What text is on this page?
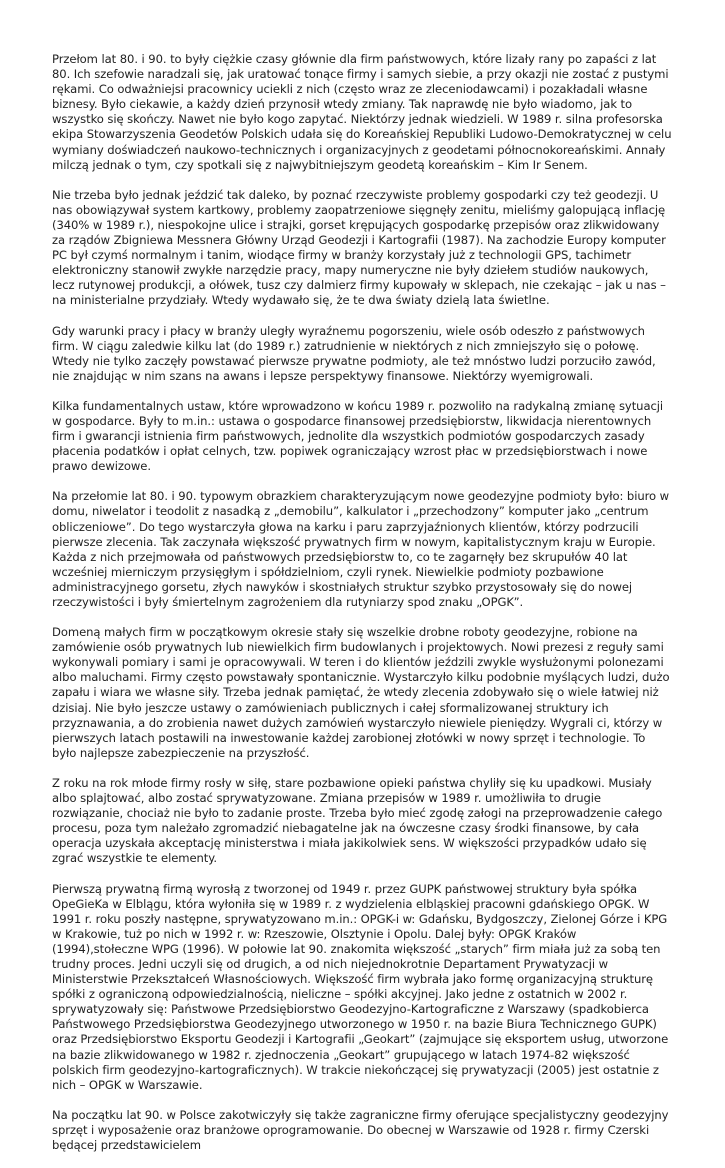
Przełom lat 80. i 90. to były ciężkie czasy głównie dla firm państwowych, które lizały rany po zapaści z lat 80. Ich szefowie naradzali się, jak uratować tonące firmy i samych siebie, a przy okazji nie zostać z pustymi rękami. Co odważniejsi pracownicy uciekli z nich (często wraz ze zleceniodawcami) i pozakładali własne biznesy. Było ciekawie, a każdy dzień przynosił wtedy zmiany. Tak naprawdę nie było wiadomo, jak to wszystko się skończy. Nawet nie było kogo zapytać. Niektórzy jednak wiedzieli. W 1989 r. silna profesorska ekipa Stowarzyszenia Geodetów Polskich udała się do Koreańskiej Republiki Ludowo-Demokratycznej w celu wymiany doświadczeń naukowo-technicznych i organizacyjnych z geodetami północnokoreańskimi. Annały milczą jednak o tym, czy spotkali się z najwybitniejszym geodetą koreańskim – Kim Ir Senem.

Nie trzeba było jednak jeździć tak daleko, by poznać rzeczywiste problemy gospodarki czy też geodezji. U nas obowiązywał system kartkowy, problemy zaopatrzeniowe sięgnęły zenitu, mieliśmy galopującą inflację (340% w 1989 r.), niespokojne ulice i strajki, gorset krępujących gospodarkę przepisów oraz zlikwidowany za rządów Zbigniewa Messnera Główny Urząd Geodezji i Kartografii (1987). Na zachodzie Europy komputer PC był czymś normalnym i tanim, wiodące firmy w branży korzystały już z technologii GPS, tachimetr elektroniczny stanowił zwykłe narzędzie pracy, mapy numeryczne nie były dziełem studiów naukowych, lecz rutynowej produkcji, a ołówek, tusz czy dalmierz firmy kupowały w sklepach, nie czekając – jak u nas – na ministerialne przydziały. Wtedy wydawało się, że te dwa światy dzielą lata świetlne.

Gdy warunki pracy i płacy w branży uległy wyraźnemu pogorszeniu, wiele osób odeszło z państwowych firm. W ciągu zaledwie kilku lat (do 1989 r.) zatrudnienie w niektórych z nich zmniejszyło się o połowę. Wtedy nie tylko zaczęły powstawać pierwsze prywatne podmioty, ale też mnóstwo ludzi porzuciło zawód, nie znajdując w nim szans na awans i lepsze perspektywy finansowe. Niektórzy wyemigrowali.

Kilka fundamentalnych ustaw, które wprowadzono w końcu 1989 r. pozwoliło na radykalną zmianę sytuacji w gospodarce. Były to m.in.: ustawa o gospodarce finansowej przedsiębiorstw, likwidacja nierentownych firm i gwarancji istnienia firm państwowych, jednolite dla wszystkich podmiotów gospodarczych zasady płacenia podatków i opłat celnych, tzw. popiwek ograniczający wzrost płac w przedsiębiorstwach i nowe prawo dewizowe.

Na przełomie lat 80. i 90. typowym obrazkiem charakteryzującym nowe geodezyjne podmioty było: biuro w domu, niwelator i teodolit z nasadką z „demobilu”, kalkulator i „przechodzony” komputer jako „centrum obliczeniowe”. Do tego wystarczyła głowa na karku i paru zaprzyjaźnionych klientów, którzy podrzucili pierwsze zlecenia. Tak zaczynała większość prywatnych firm w nowym, kapitalistycznym kraju w Europie. Każda z nich przejmowała od państwowych przedsiębiorstw to, co te zagarnęły bez skrupułów 40 lat wcześniej mierniczym przysięgłym i spółdzielniom, czyli rynek. Niewielkie podmioty pozbawione administracyjnego gorsetu, złych nawyków i skostniałych struktur szybko przystosowały się do nowej rzeczywistości i były śmiertelnym zagrożeniem dla rutyniarzy spod znaku „OPGK”.

Domeną małych firm w początkowym okresie stały się wszelkie drobne roboty geodezyjne, robione na zamówienie osób prywatnych lub niewielkich firm budowlanych i projektowych. Nowi prezesi z reguły sami wykonywali pomiary i sami je opracowywali. W teren i do klientów jeździli zwykle wysłużonymi polonezami albo maluchami. Firmy często powstawały spontanicznie. Wystarczyło kilku podobnie myślących ludzi, dużo zapału i wiara we własne siły. Trzeba jednak pamiętać, że wtedy zlecenia zdobywało się o wiele łatwiej niż dzisiaj. Nie było jeszcze ustawy o zamówieniach publicznych i całej sformalizowanej struktury ich przyznawania, a do zrobienia nawet dużych zamówień wystarczyło niewiele pieniędzy. Wygrali ci, którzy w pierwszych latach postawili na inwestowanie każdej zarobionej złotówki w nowy sprzęt i technologie. To było najlepsze zabezpieczenie na przyszłość.

Z roku na rok młode firmy rosły w siłę, stare pozbawione opieki państwa chyliły się ku upadkowi. Musiały albo splajtować, albo zostać sprywatyzowane. Zmiana przepisów w 1989 r. umożliwiła to drugie rozwiązanie, chociaż nie było to zadanie proste. Trzeba było mieć zgodę załogi na przeprowadzenie całego procesu, poza tym należało zgromadzić niebagatelne jak na ówczesne czasy środki finansowe, by cała operacja uzyskała akceptację ministerstwa i miała jakikolwiek sens. W większości przypadków udało się zgrać wszystkie te elementy.

Pierwszą prywatną firmą wyrosłą z tworzonej od 1949 r. przez GUPK państwowej struktury była spółka OpeGieKa w Elblągu, która wyłoniła się w 1989 r. z wydzielenia elbląskiej pracowni gdańskiego OPGK. W 1991 r. roku poszły następne, sprywatyzowano m.in.: OPGK-i w: Gdańsku, Bydgoszczy, Zielonej Górze i KPG w Krakowie, tuż po nich w 1992 r. w: Rzeszowie, Olsztynie i Opolu. Dalej były: OPGK Kraków (1994),stołeczne WPG (1996). W połowie lat 90. znakomita większość „starych” firm miała już za sobą ten trudny proces. Jedni uczyli się od drugich, a od nich niejednokrotnie Departament Prywatyzacji w Ministerstwie Przekształceń Własnościowych. Większość firm wybrała jako formę organizacyjną strukturę spółki z ograniczoną odpowiedzialnością, nieliczne – spółki akcyjnej. Jako jedne z ostatnich w 2002 r. sprywatyzowały się: Państwowe Przedsiębiorstwo Geodezyjno-Kartograficzne z Warszawy (spadkobierca Państwowego Przedsiębiorstwa Geodezyjnego utworzonego w 1950 r. na bazie Biura Technicznego GUPK) oraz Przedsiębiorstwo Eksportu Geodezji i Kartografii „Geokart” (zajmujące się eksportem usług, utworzone na bazie zlikwidowanego w 1982 r. zjednoczenia „Geokart” grupującego w latach 1974-82 większość polskich firm geodezyjno-kartograficznych). W trakcie niekończącej się prywatyzacji (2005) jest ostatnie z nich – OPGK w Warszawie.

Na początku lat 90. w Polsce zakotwiczyły się także zagraniczne firmy oferujące specjalistyczny geodezyjny sprzęt i wyposażenie oraz branżowe oprogramowanie. Do obecnej w Warszawie od 1928 r. firmy Czerski będącej przedstawicielem
